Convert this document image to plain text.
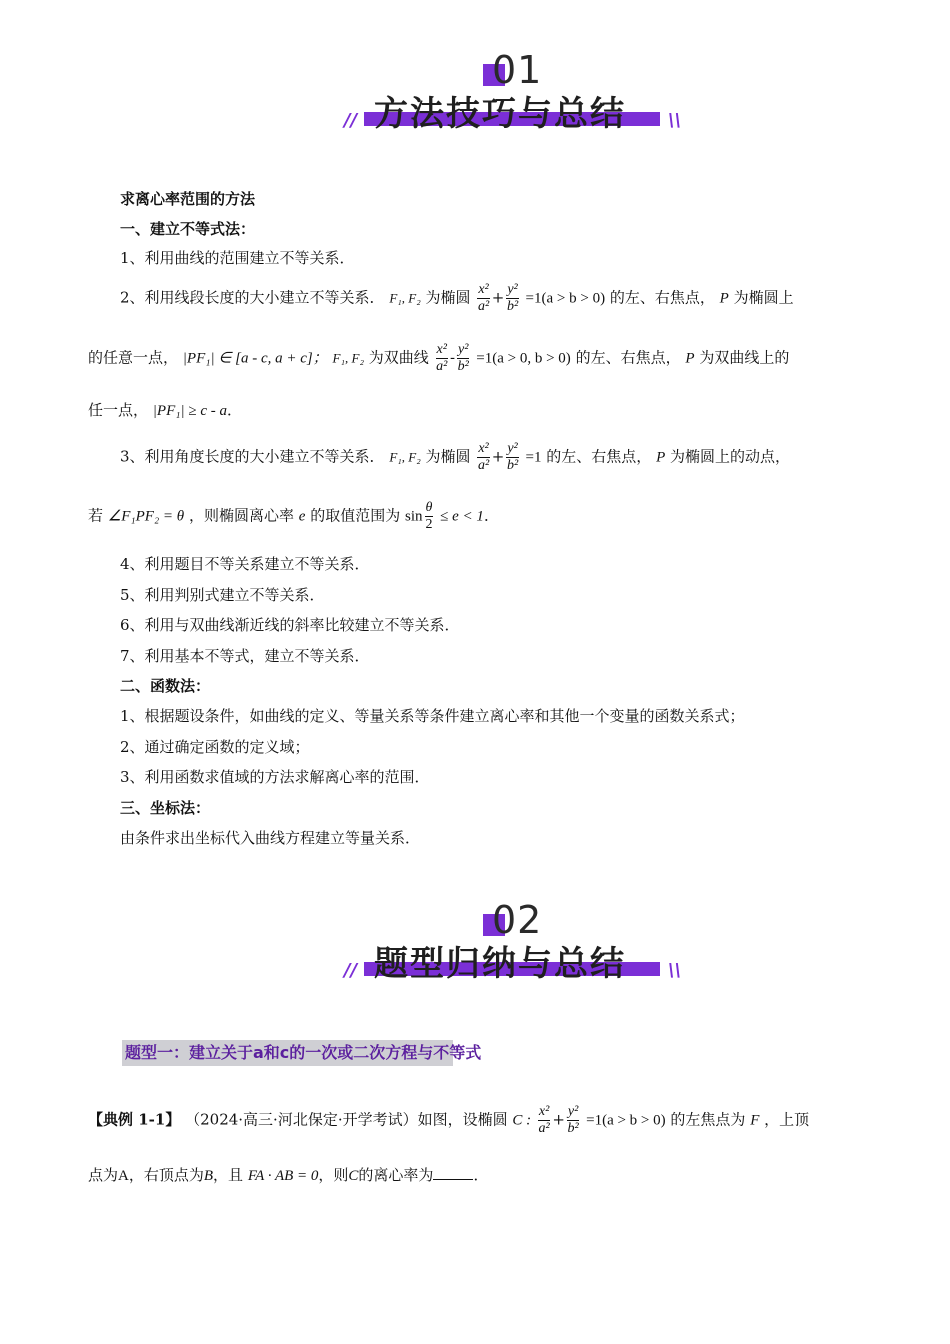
01
方法技巧与总结
//	\\
求离心率范围的方法
一、建立不等式法：
1、利用曲线的范围建立不等关系．
2、利用线段长度的大小建立不等关系． F₁, F₂ 为椭圆 $\frac{\text{x²}}{\text{a²}} + \frac{\text{y²}}{\text{b²}} =1(a > b > 0)$ 的左、右焦点， P 为椭圆上
的任意一点， |PF₁| ∈ [a - c, a + c]； F₁, F₂ 为双曲线 $\frac{\text{x²}}{\text{a²}} - \frac{\text{y²}}{\text{b²}} =1(a > 0$, b > 0) 的左、右焦点， P 为双曲线上的
任一点， |PF₁| ≥ c - a．
3、利用角度长度的大小建立不等关系． F₁, F₂ 为椭圆 $\frac{\text{x²}}{\text{a²}} + \frac{\text{y²}}{\text{b²}} =1$ 的左、右焦点， P 为椭圆上的动点，
若 ∠F₁PF₂ = θ ，则椭圆离心率 e 的取值范围为 $\sin \frac{\theta}{2} \le e < 1$．
4、利用题目不等关系建立不等关系．
5、利用判别式建立不等关系．
6、利用与双曲线渐近线的斜率比较建立不等关系．
7、利用基本不等式，建立不等关系．
二、函数法：
1、根据题设条件，如曲线的定义、等量关系等条件建立离心率和其他一个变量的函数关系式；
2、通过确定函数的定义域；
3、利用函数求值域的方法求解离心率的范围．
三、坐标法：
由条件求出坐标代入曲线方程建立等量关系．
02
题型归纳与总结
//	\\
题型一：建立关于a和c的一次或二次方程与不等式
【典例 1-1】 （2024·高三·河北保定·开学考试）如图，设椭圆 C : $\frac{\text{x²}}{\text{a²}} + \frac{\text{y²}}{\text{b²}} =1(a > b > 0)$ 的左焦点为 F ，上顶
点为A，右顶点为B，且 FA · AB = 0，则C的离心率为	．
